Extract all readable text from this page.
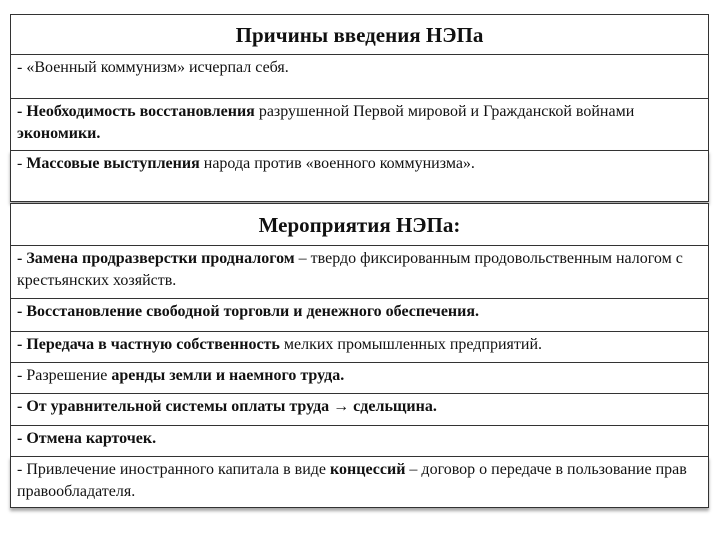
Причины введения НЭПа
- «Военный коммунизм» исчерпал себя.
- Необходимость восстановления разрушенной Первой мировой и Гражданской войнами экономики.
- Массовые выступления народа против «военного коммунизма».
Мероприятия НЭПа:
- Замена продразверстки продналогом – твердо фиксированным продовольственным налогом с крестьянских хозяйств.
- Восстановление свободной торговли и денежного обеспечения.
- Передача в частную собственность мелких промышленных предприятий.
- Разрешение аренды земли и наемного труда.
- От уравнительной системы оплаты труда → сдельщина.
- Отмена карточек.
- Привлечение иностранного капитала в виде концессий – договор о передаче в пользование прав правообладателя.
